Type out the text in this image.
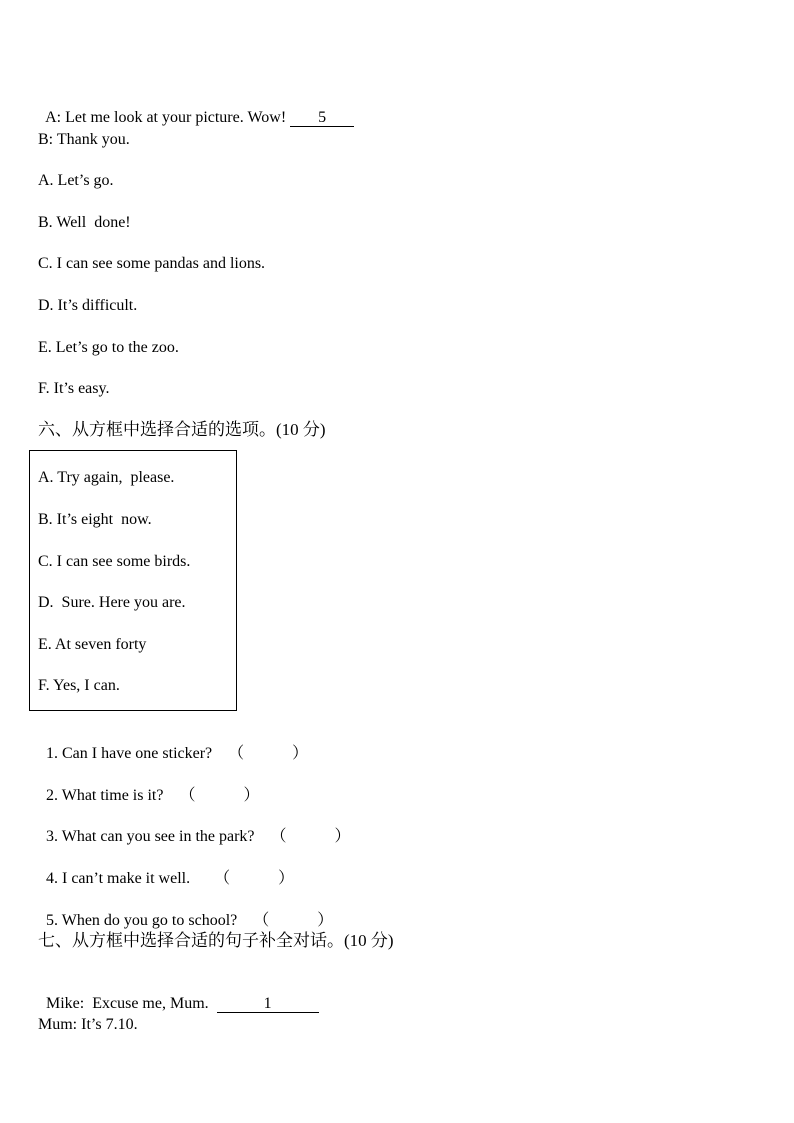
A: Let me look at your picture. Wow! 5

B: Thank you.
A. Let’s go.
B. Well  done!
C. I can see some pandas and lions.
D. It’s difficult.
E. Let’s go to the zoo.
F. It’s easy.
六、从方框中选择合适的选项。(10 分)
A. Try again,  please.
B. It’s eight  now.
C. I can see some birds.
D.  Sure. Here you are.
E. At seven forty
F. Yes, I can.

1. Can I have one sticker? （            ）

2. What time is it? （            ）

3. What can you see in the park? （            ）

4. I can’t make it well. （            ）

5. When do you go to school? （            ）

七、从方框中选择合适的句子补全对话。(10 分)

Mike:  Excuse me, Mum.	1

Mum: It’s 7.10.
